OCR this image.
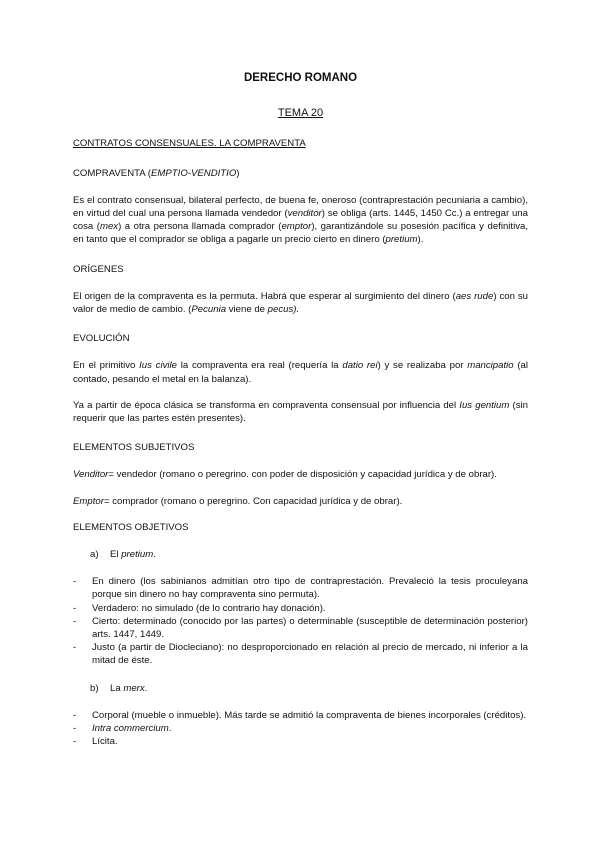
DERECHO ROMANO

TEMA 20

CONTRATOS CONSENSUALES. LA COMPRAVENTA

COMPRAVENTA (EMPTIO-VENDITIO)

Es el contrato consensual, bilateral perfecto, de buena fe, oneroso (contraprestación pecuniaria a cambio), en virtud del cual una persona llamada vendedor (venditor) se obliga (arts. 1445, 1450 Cc.) a entregar una cosa (mex) a otra persona llamada comprador (emptor), garantizándole su posesión pacífica y definitiva, en tanto que el comprador se obliga a pagarle un precio cierto en dinero (pretium).

ORÍGENES

El origen de la compraventa es la permuta. Habrá que esperar al surgimiento del dinero (aes rude) con su valor de medio de cambio. (Pecunia viene de pecus).

EVOLUCIÓN

En el primitivo Ius civile la compraventa era real (requería la datio rei) y se realizaba por mancipatio (al contado, pesando el metal en la balanza).

Ya a partir de época clásica se transforma en compraventa consensual por influencia del Ius gentium (sin requerir que las partes estén presentes).

ELEMENTOS SUBJETIVOS

Venditor= vendedor (romano o peregrino. con poder de disposición y capacidad jurídica y de obrar).

Emptor= comprador (romano o peregrino. Con capacidad jurídica y de obrar).

ELEMENTOS OBJETIVOS

a)	El pretium.
-	En dinero (los sabinianos admitían otro tipo de contraprestación. Prevaleció la tesis proculeyana porque sin dinero no hay compraventa sino permuta).
-	Verdadero: no simulado (de lo contrario hay donación).
-	Cierto: determinado (conocido por las partes) o determinable (susceptible de determinación posterior) arts. 1447, 1449.
-	Justo (a partir de Diocleciano): no desproporcionado en relación al precio de mercado, ni inferior a la mitad de éste.
b)	La merx.
-	Corporal (mueble o inmueble). Más tarde se admitió la compraventa de bienes incorporales (créditos).
-	Intra commercium.
-	Lícita.
